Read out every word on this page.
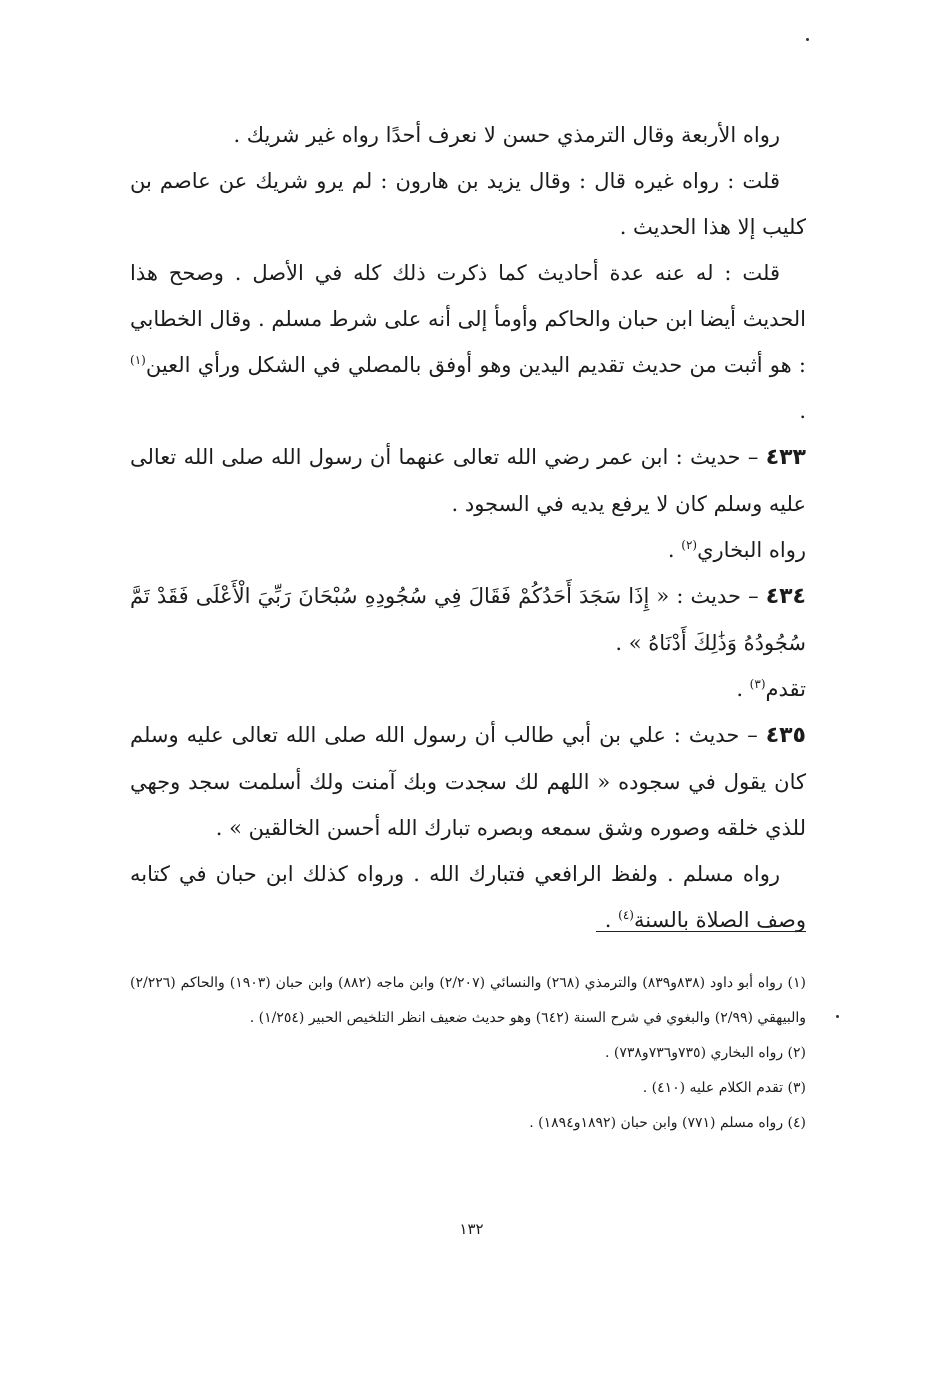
رواه الأربعة وقال الترمذي حسن لا نعرف أحدًا رواه غير شريك .

قلت : رواه غيره قال : وقال يزيد بن هارون : لم يرو شريك عن عاصم بن كليب إلا هذا الحديث .

قلت : له عنه عدة أحاديث كما ذكرت ذلك كله في الأصل . وصحح هذا الحديث أيضا ابن حبان والحاكم وأومأ إلى أنه على شرط مسلم . وقال الخطابي : هو أثبت من حديث تقديم اليدين وهو أوفق بالمصلي في الشكل ورأي العين$^{(١)}$ .

٤٣٣ – حديث : ابن عمر رضي الله تعالى عنهما أن رسول الله صلى الله تعالى عليه وسلم كان لا يرفع يديه في السجود .

رواه البخاري$^{(٢)}$ .

٤٣٤ – حديث : « إِذَا سَجَدَ أَحَدُكُمْ فَقَالَ فِي سُجُودِهِ سُبْحَانَ رَبِّيَ الْأَعْلَى فَقَدْ تَمَّ سُجُودُهُ وَذَٰلِكَ أَدْنَاهُ » .

تقدم$^{(٣)}$ .

٤٣٥ – حديث : علي بن أبي طالب أن رسول الله صلى الله تعالى عليه وسلم كان يقول في سجوده « اللهم لك سجدت وبك آمنت ولك أسلمت سجد وجهي للذي خلقه وصوره وشق سمعه وبصره تبارك الله أحسن الخالقين » .

رواه مسلم . ولفظ الرافعي فتبارك الله . ورواه كذلك ابن حبان في كتابه وصف الصلاة بالسنة$^{(٤)}$ .

(١) رواه أبو داود (٨٣٨و٨٣٩) والترمذي (٢٦٨) والنسائي (٢/٢٠٧) وابن ماجه (٨٨٢) وابن حبان (١٩٠٣) والحاكم (٢/٢٢٦) والبيهقي (٢/٩٩) والبغوي في شرح السنة (٦٤٢) وهو حديث ضعيف انظر التلخيص الحبير (١/٢٥٤) .

(٢) رواه البخاري (٧٣٥و٧٣٦و٧٣٨) .

(٣) تقدم الكلام عليه (٤١٠) .

(٤) رواه مسلم (٧٧١) وابن حبان (١٨٩٢و١٨٩٤) .

١٣٢
